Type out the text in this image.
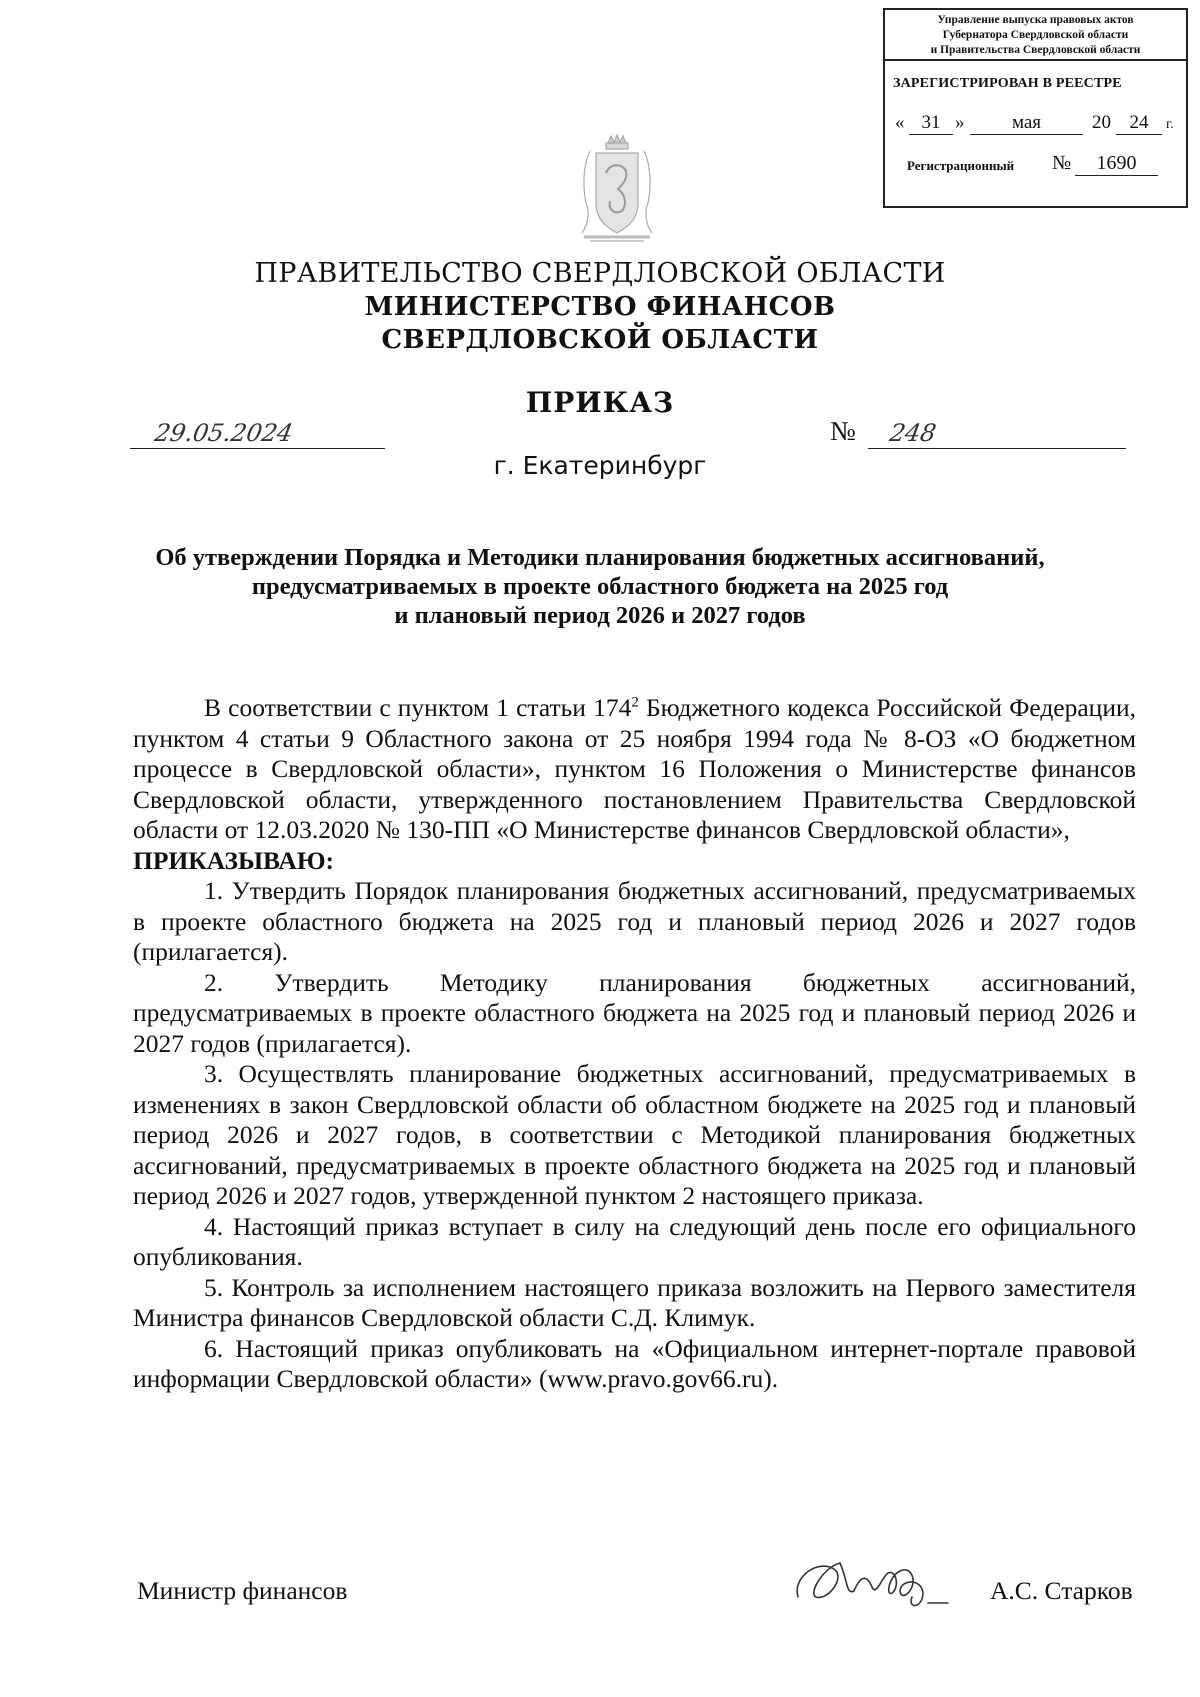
Управление выпуска правовых актов
Губернатора Свердловской области
и Правительства Свердловской области
ЗАРЕГИСТРИРОВАН В РЕЕСТРЕ
« 31 »	мая	20 24	г.
Регистрационный №	1690
ПРАВИТЕЛЬСТВО СВЕРДЛОВСКОЙ ОБЛАСТИ
МИНИСТЕРСТВО ФИНАНСОВ
СВЕРДЛОВСКОЙ ОБЛАСТИ
ПРИКАЗ
29.05.2024	№ 248
г. Екатеринбург
Об утверждении Порядка и Методики планирования бюджетных ассигнований,
предусматриваемых в проекте областного бюджета на 2025 год
и плановый период 2026 и 2027 годов

В соответствии с пунктом 1 статьи $174^2$ Бюджетного кодекса Российской Федерации, пунктом 4 статьи 9 Областного закона от 25 ноября 1994 года № 8-ОЗ «О бюджетном процессе в Свердловской области», пунктом 16 Положения о Министерстве финансов Свердловской области, утвержденного постановлением Правительства Свердловской области от 12.03.2020 № 130-ПП «О Министерстве финансов Свердловской области»,

ПРИКАЗЫВАЮ:

1. Утвердить Порядок планирования бюджетных ассигнований, предусматриваемых в проекте областного бюджета на 2025 год и плановый период 2026 и 2027 годов (прилагается).

2. Утвердить Методику планирования бюджетных ассигнований, предусматриваемых в проекте областного бюджета на 2025 год и плановый период 2026 и 2027 годов (прилагается).

3. Осуществлять планирование бюджетных ассигнований, предусматриваемых в изменениях в закон Свердловской области об областном бюджете на 2025 год и плановый период 2026 и 2027 годов, в соответствии с Методикой планирования бюджетных ассигнований, предусматриваемых в проекте областного бюджета на 2025 год и плановый период 2026 и 2027 годов, утвержденной пунктом 2 настоящего приказа.

4. Настоящий приказ вступает в силу на следующий день после его официального опубликования.

5. Контроль за исполнением настоящего приказа возложить на Первого заместителя Министра финансов Свердловской области С.Д. Климук.

6. Настоящий приказ опубликовать на «Официальном интернет-портале правовой информации Свердловской области» (www.pravo.gov66.ru).

Министр финансов	А.С. Старков
